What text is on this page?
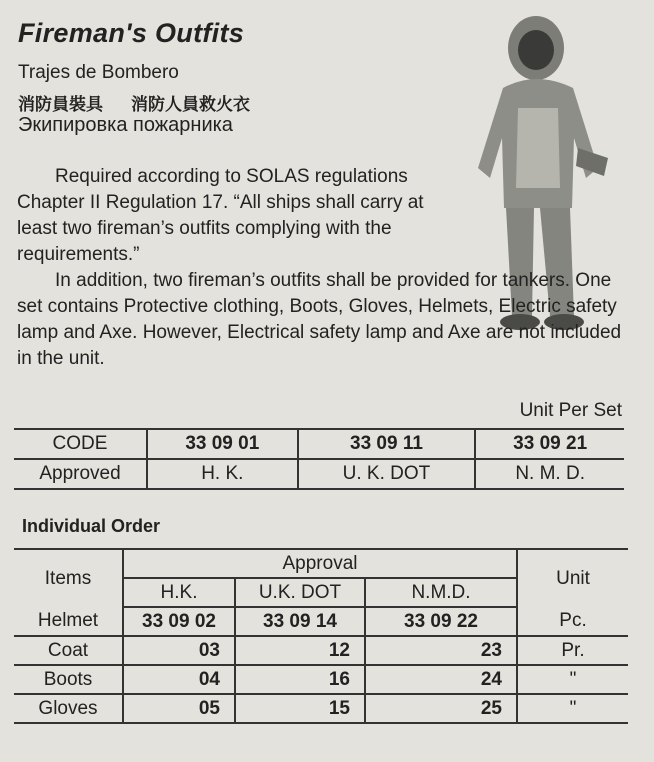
Fireman's Outfits
Trajes de Bombero
消防員裝具 消防人員救火衣
Экипировка пожарника
Required according to SOLAS regulations Chapter II Regulation 17. “All ships shall carry at least two fireman’s outfits complying with the requirements.”
In addition, two fireman’s outfits shall be provided for tankers. One set contains Protective clothing, Boots, Gloves, Helmets, Electric safety lamp and Axe. However, Electrical safety lamp and Axe are not included in the unit.
Unit Per Set
CODE	33 09 01	33 09 11	33 09 21
Approved	H. K.	U. K. DOT	N. M. D.
Individual Order
Items	Approval			Unit
	H.K.	U.K. DOT	N.M.D.	
Helmet	33 09 02	33 09 14	33 09 22	Pc.
Coat	03	12	23	Pr.
Boots	04	16	24	"
Gloves	05	15	25	"
